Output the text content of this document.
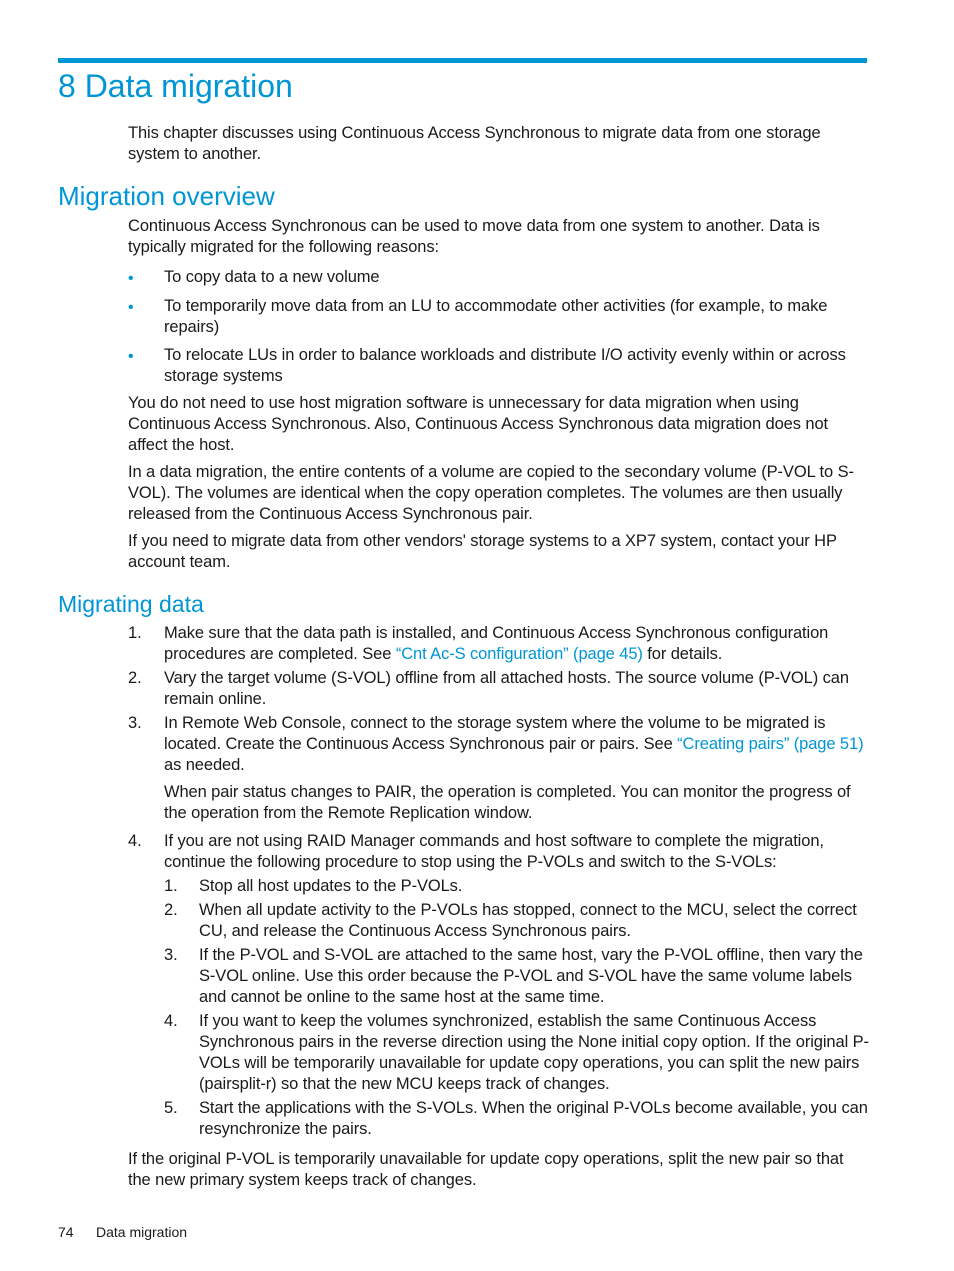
8 Data migration

This chapter discusses using Continuous Access Synchronous to migrate data from one storage system to another.

Migration overview

Continuous Access Synchronous can be used to move data from one system to another. Data is typically migrated for the following reasons:

•	To copy data to a new volume

•	To temporarily move data from an LU to accommodate other activities (for example, to make repairs)

•	To relocate LUs in order to balance workloads and distribute I/O activity evenly within or across storage systems

You do not need to use host migration software is unnecessary for data migration when using Continuous Access Synchronous. Also, Continuous Access Synchronous data migration does not affect the host.

In a data migration, the entire contents of a volume are copied to the secondary volume (P-VOL to S-VOL). The volumes are identical when the copy operation completes. The volumes are then usually released from the Continuous Access Synchronous pair.

If you need to migrate data from other vendors' storage systems to a XP7 system, contact your HP account team.

Migrating data
1. Make sure that the data path is installed, and Continuous Access Synchronous configuration procedures are completed. See “Cnt Ac-S configuration” (page 45) for details.

2. Vary the target volume (S-VOL) offline from all attached hosts. The source volume (P-VOL) can remain online.

3. In Remote Web Console, connect to the storage system where the volume to be migrated is located. Create the Continuous Access Synchronous pair or pairs. See “Creating pairs” (page 51) as needed.

When pair status changes to PAIR, the operation is completed. You can monitor the progress of the operation from the Remote Replication window.

4. If you are not using RAID Manager commands and host software to complete the migration, continue the following procedure to stop using the P-VOLs and switch to the S-VOLs:

1. Stop all host updates to the P-VOLs.

2. When all update activity to the P-VOLs has stopped, connect to the MCU, select the correct CU, and release the Continuous Access Synchronous pairs.

3. If the P-VOL and S-VOL are attached to the same host, vary the P-VOL offline, then vary the S-VOL online. Use this order because the P-VOL and S-VOL have the same volume labels and cannot be online to the same host at the same time.

4. If you want to keep the volumes synchronized, establish the same Continuous Access Synchronous pairs in the reverse direction using the None initial copy option. If the original P-VOLs will be temporarily unavailable for update copy operations, you can split the new pairs (pairsplit-r) so that the new MCU keeps track of changes.

5. Start the applications with the S-VOLs. When the original P-VOLs become available, you can resynchronize the pairs.

If the original P-VOL is temporarily unavailable for update copy operations, split the new pair so that the new primary system keeps track of changes.

74 Data migration
